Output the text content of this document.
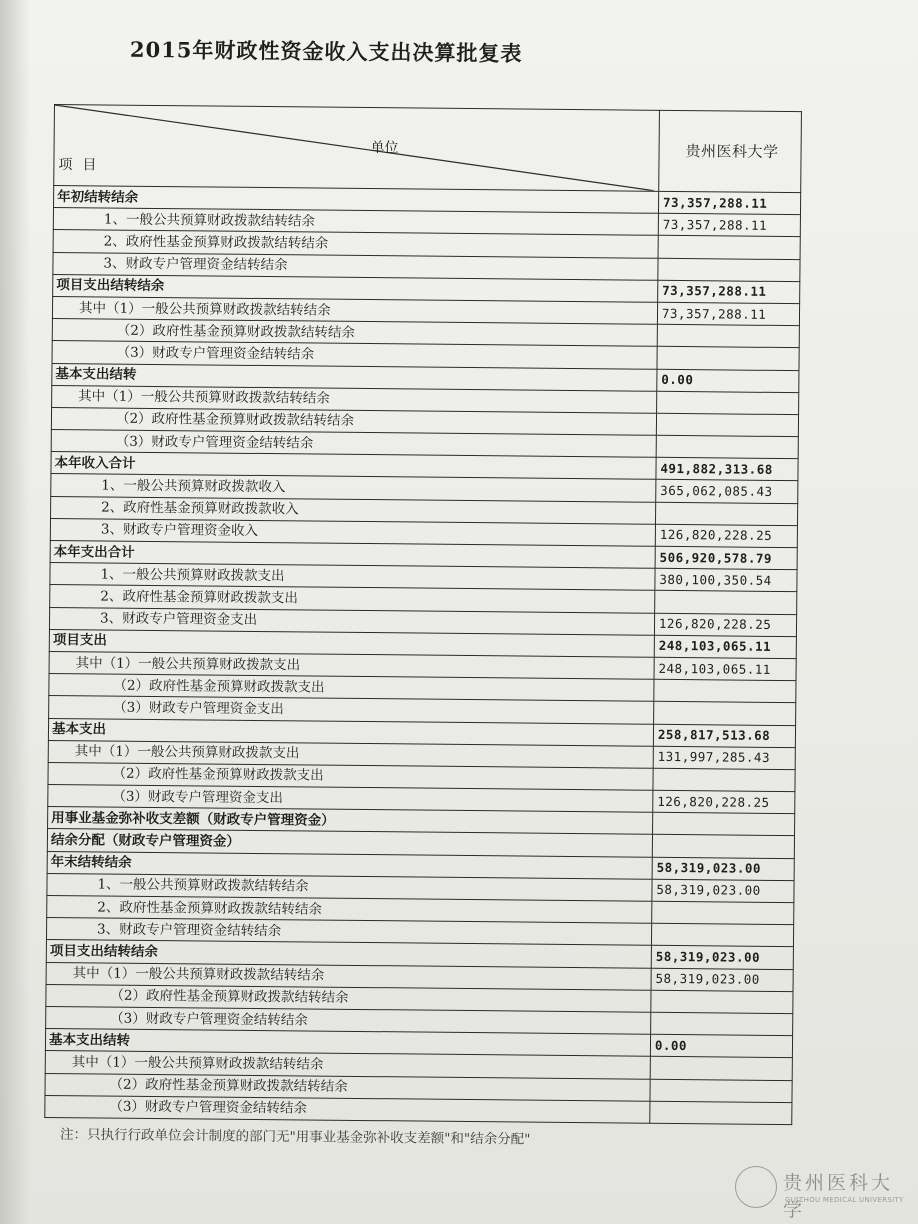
2015年财政性资金收入支出决算批复表
单位
项目	贵州医科大学
年初结转结余	73,357,288.11
1、一般公共预算财政拨款结转结余	73,357,288.11
2、政府性基金预算财政拨款结转结余	
3、财政专户管理资金结转结余	
项目支出结转结余	73,357,288.11
其中（1）一般公共预算财政拨款结转结余	73,357,288.11
（2）政府性基金预算财政拨款结转结余	
（3）财政专户管理资金结转结余	
基本支出结转	0.00
其中（1）一般公共预算财政拨款结转结余	
（2）政府性基金预算财政拨款结转结余	
（3）财政专户管理资金结转结余	
本年收入合计	491,882,313.68
1、一般公共预算财政拨款收入	365,062,085.43
2、政府性基金预算财政拨款收入	
3、财政专户管理资金收入	126,820,228.25
本年支出合计	506,920,578.79
1、一般公共预算财政拨款支出	380,100,350.54
2、政府性基金预算财政拨款支出	
3、财政专户管理资金支出	126,820,228.25
项目支出	248,103,065.11
其中（1）一般公共预算财政拨款支出	248,103,065.11
（2）政府性基金预算财政拨款支出	
（3）财政专户管理资金支出	
基本支出	258,817,513.68
其中（1）一般公共预算财政拨款支出	131,997,285.43
（2）政府性基金预算财政拨款支出	
（3）财政专户管理资金支出	126,820,228.25
用事业基金弥补收支差额（财政专户管理资金）	
结余分配（财政专户管理资金）	
年末结转结余	58,319,023.00
1、一般公共预算财政拨款结转结余	58,319,023.00
2、政府性基金预算财政拨款结转结余	
3、财政专户管理资金结转结余	
项目支出结转结余	58,319,023.00
其中（1）一般公共预算财政拨款结转结余	58,319,023.00
（2）政府性基金预算财政拨款结转结余	
（3）财政专户管理资金结转结余	
基本支出结转	0.00
其中（1）一般公共预算财政拨款结转结余	
（2）政府性基金预算财政拨款结转结余	
（3）财政专户管理资金结转结余	
注：只执行行政单位会计制度的部门无"用事业基金弥补收支差额"和"结余分配"
贵州医科大学
GUIZHOU MEDICAL UNIVERSITY
